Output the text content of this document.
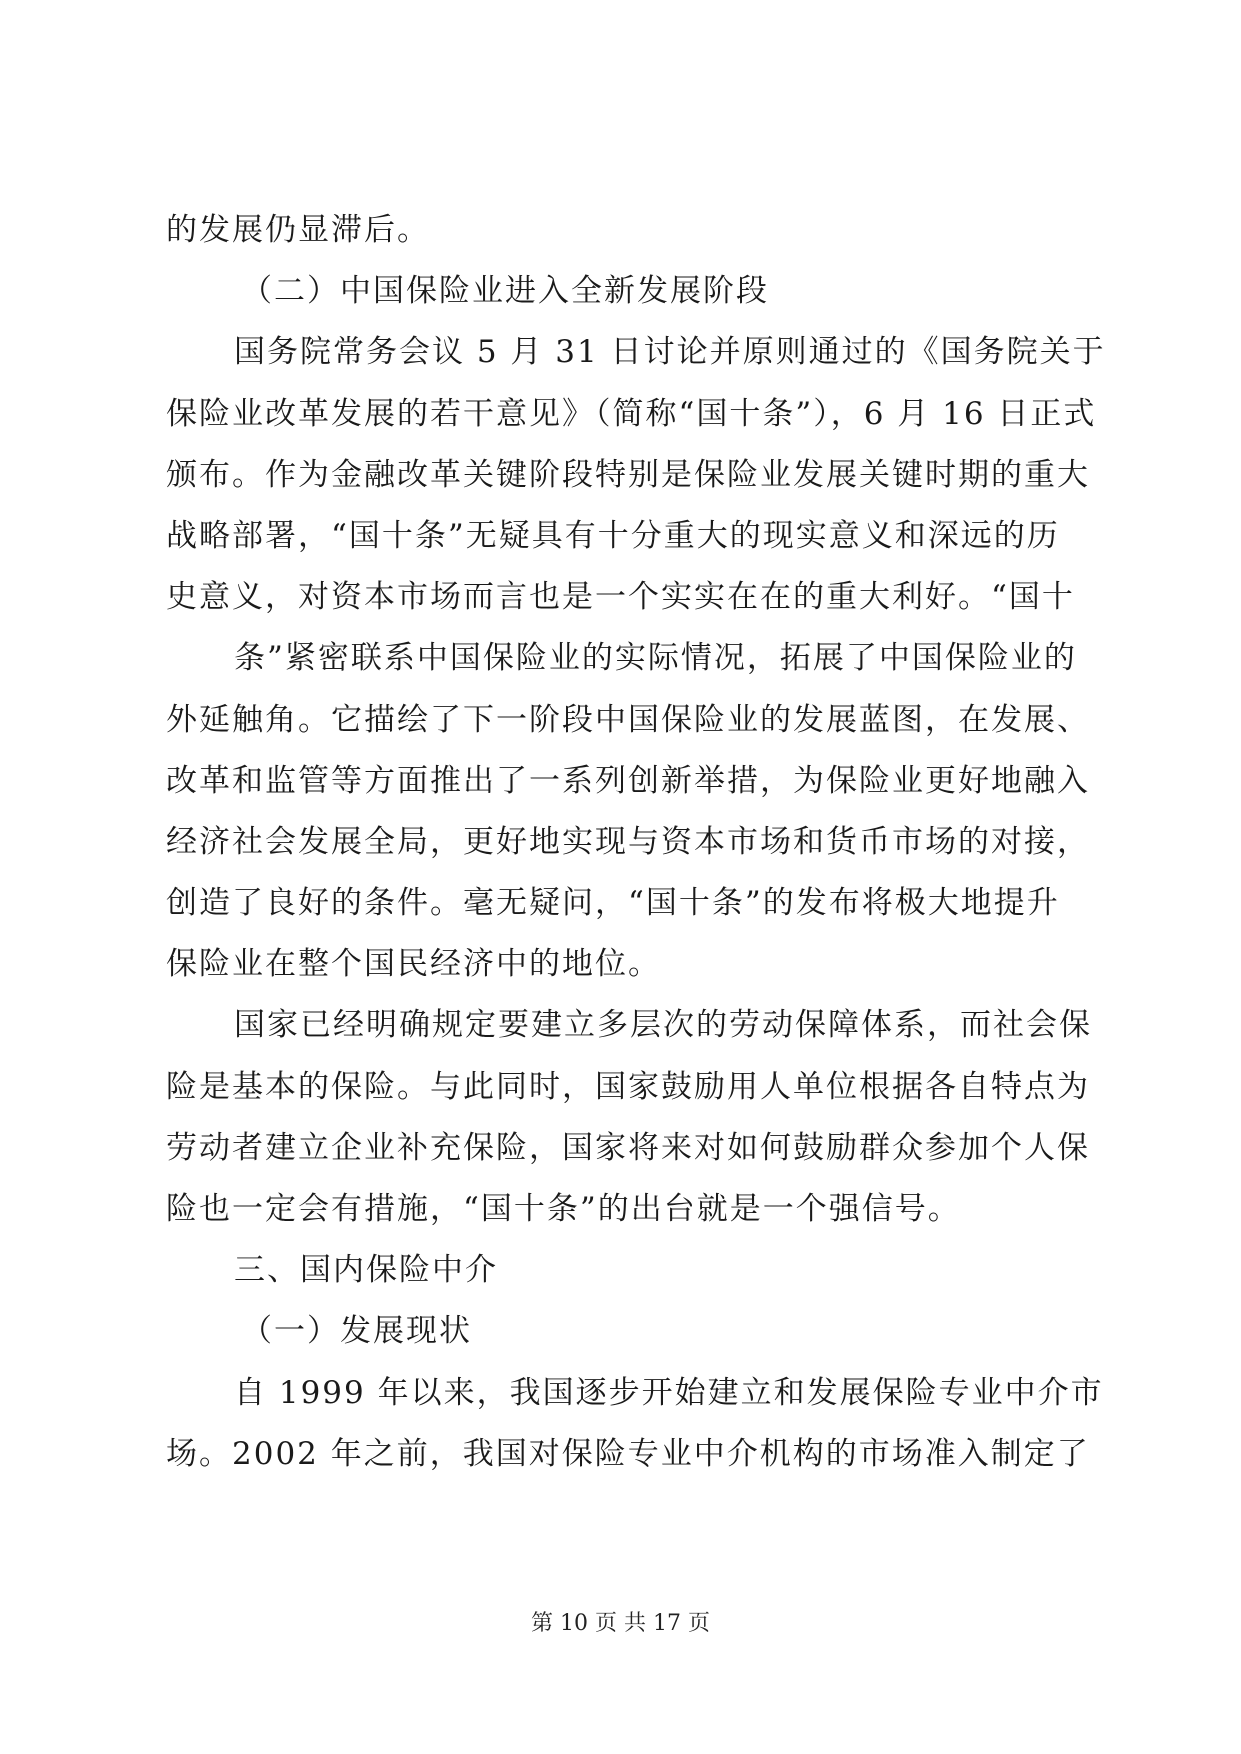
的发展仍显滞后。
（二）中国保险业进入全新发展阶段
国务院常务会议 5 月 31 日讨论并原则通过的《国务院关于
保险业改革发展的若干意见》（简称“国十条”），6 月 16 日正式
颁布。作为金融改革关键阶段特别是保险业发展关键时期的重大
战略部署，“国十条”无疑具有十分重大的现实意义和深远的历
史意义，对资本市场而言也是一个实实在在的重大利好。“国十
条”紧密联系中国保险业的实际情况，拓展了中国保险业的
外延触角。它描绘了下一阶段中国保险业的发展蓝图，在发展、
改革和监管等方面推出了一系列创新举措，为保险业更好地融入
经济社会发展全局，更好地实现与资本市场和货币市场的对接，
创造了良好的条件。毫无疑问，“国十条”的发布将极大地提升
保险业在整个国民经济中的地位。
国家已经明确规定要建立多层次的劳动保障体系，而社会保
险是基本的保险。与此同时，国家鼓励用人单位根据各自特点为
劳动者建立企业补充保险，国家将来对如何鼓励群众参加个人保
险也一定会有措施，“国十条”的出台就是一个强信号。
三、国内保险中介
（一）发展现状
自 1999 年以来，我国逐步开始建立和发展保险专业中介市
场。2002 年之前，我国对保险专业中介机构的市场准入制定了
第 10 页 共 17 页
